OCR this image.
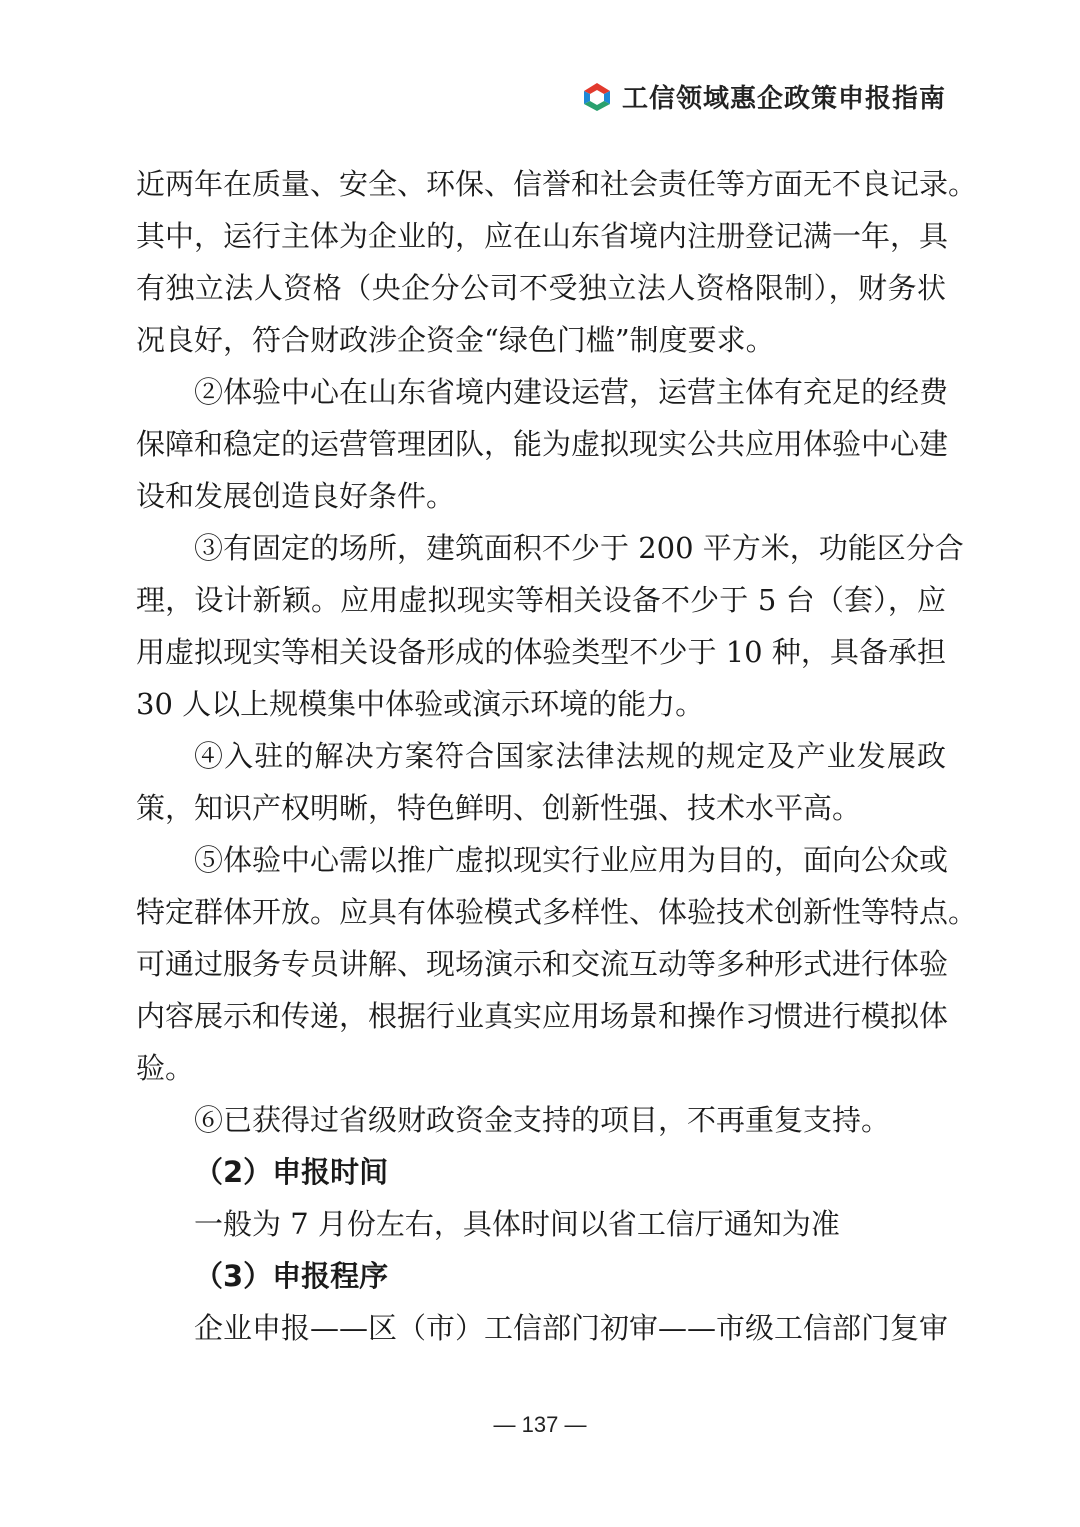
工信领域惠企政策申报指南
近两年在质量、安全、环保、信誉和社会责任等方面无不良记录。
其中，运行主体为企业的，应在山东省境内注册登记满一年，具
有独立法人资格（央企分公司不受独立法人资格限制），财务状
况良好，符合财政涉企资金“绿色门槛”制度要求。
②体验中心在山东省境内建设运营，运营主体有充足的经费
保障和稳定的运营管理团队，能为虚拟现实公共应用体验中心建
设和发展创造良好条件。
③有固定的场所，建筑面积不少于 200 平方米，功能区分合
理，设计新颖。应用虚拟现实等相关设备不少于 5 台（套），应
用虚拟现实等相关设备形成的体验类型不少于 10 种，具备承担
30 人以上规模集中体验或演示环境的能力。
④入驻的解决方案符合国家法律法规的规定及产业发展政
策，知识产权明晰，特色鲜明、创新性强、技术水平高。
⑤体验中心需以推广虚拟现实行业应用为目的，面向公众或
特定群体开放。应具有体验模式多样性、体验技术创新性等特点。
可通过服务专员讲解、现场演示和交流互动等多种形式进行体验
内容展示和传递，根据行业真实应用场景和操作习惯进行模拟体
验。
⑥已获得过省级财政资金支持的项目，不再重复支持。
（2）申报时间
一般为 7 月份左右，具体时间以省工信厅通知为准
（3）申报程序
企业申报——区（市）工信部门初审——市级工信部门复审
— 137 —
